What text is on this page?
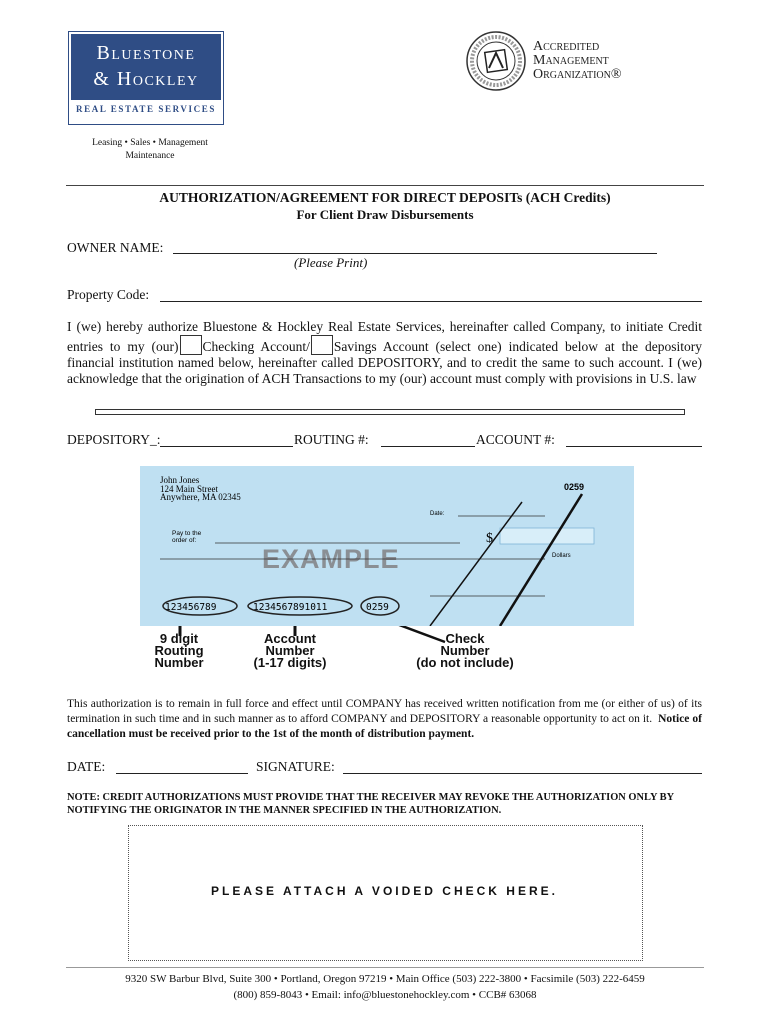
Bluestone
& Hockley
REAL ESTATE SERVICES
Leasing • Sales • Management
Maintenance
Accredited
Management
Organization®
AUTHORIZATION/AGREEMENT FOR DIRECT DEPOSITs (ACH Credits)
For Client Draw Disbursements
OWNER NAME:
(Please Print)
Property Code:
I (we) hereby authorize Bluestone & Hockley Real Estate Services, hereinafter called Company, to initiate Credit entries to my (our) Checking Account/ Savings Account (select one) indicated below at the depository financial institution named below, hereinafter called DEPOSITORY, and to credit the same to such account. I (we) acknowledge that the origination of ACH Transactions to my (our) account must comply with provisions in U.S. law
DEPOSITORY_:	ROUTING #:	ACCOUNT #:
John Jones
124 Main Street
Anywhere, MA 02345
0259
Date:
Pay to the
order of:	$
EXAMPLE	Dollars
123456789	1234567891011	0259
9 digit
Routing
Number
Account
Number
(1-17 digits)
Check
Number
(do not include)
This authorization is to remain in full force and effect until COMPANY has received written notification from me (or either of us) of its termination in such time and in such manner as to afford COMPANY and DEPOSITORY a reasonable opportunity to act on it. Notice of cancellation must be received prior to the 1st of the month of distribution payment.
DATE:	SIGNATURE:
NOTE: CREDIT AUTHORIZATIONS MUST PROVIDE THAT THE RECEIVER MAY REVOKE THE AUTHORIZATION ONLY BY NOTIFYING THE ORIGINATOR IN THE MANNER SPECIFIED IN THE AUTHORIZATION.
PLEASE ATTACH A VOIDED CHECK HERE.
9320 SW Barbur Blvd, Suite 300 • Portland, Oregon 97219 • Main Office (503) 222-3800 • Facsimile (503) 222-6459
(800) 859-8043 • Email: info@bluestonehockley.com • CCB# 63068
